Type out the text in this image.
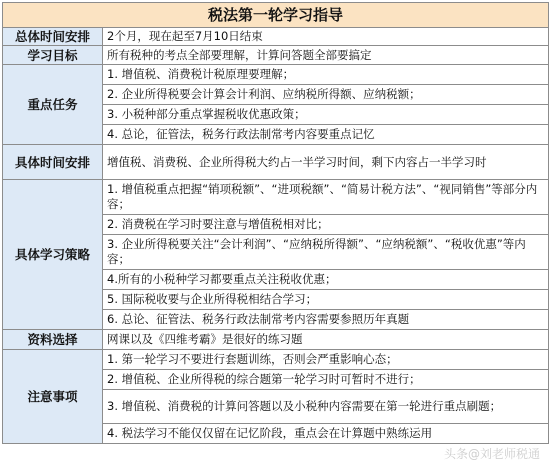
税法第一轮学习指导	
总体时间安排	2个月，现在起至7月10日结束
学习目标	所有税种的考点全部要理解，计算问答题全部要搞定
重点任务	1. 增值税、消费税计税原理要理解；
	2. 企业所得税要会计算会计利润、应纳税所得额、应纳税额；
	3. 小税种部分重点掌握税收优惠政策；
	4. 总论，征管法，税务行政法制常考内容要重点记忆
具体时间安排	增值税、消费税、企业所得税大约占一半学习时间，剩下内容占一半学习时
具体学习策略	1. 增值税重点把握“销项税额”、“进项税额”、“简易计税方法”、“视同销售”等部分内容；
	2. 消费税在学习时要注意与增值税相对比；
	3. 企业所得税要关注“会计利润”、“应纳税所得额”、“应纳税额”、“税收优惠”等内容；
	4.所有的小税种学习都要重点关注税收优惠；
	5. 国际税收要与企业所得税相结合学习；
	6. 总论、征管法、税务行政法制常考内容需要参照历年真题
资料选择	网课以及《四维考霸》是很好的练习题
注意事项	1. 第一轮学习不要进行套题训练，否则会严重影响心态；
	2. 增值税、企业所得税的综合题第一轮学习时可暂时不进行；
	3. 增值税、消费税的计算问答题以及小税种内容需要在第一轮进行重点刷题；
	4. 税法学习不能仅仅留在记忆阶段，重点会在计算题中熟练运用
头条@刘老师税通
